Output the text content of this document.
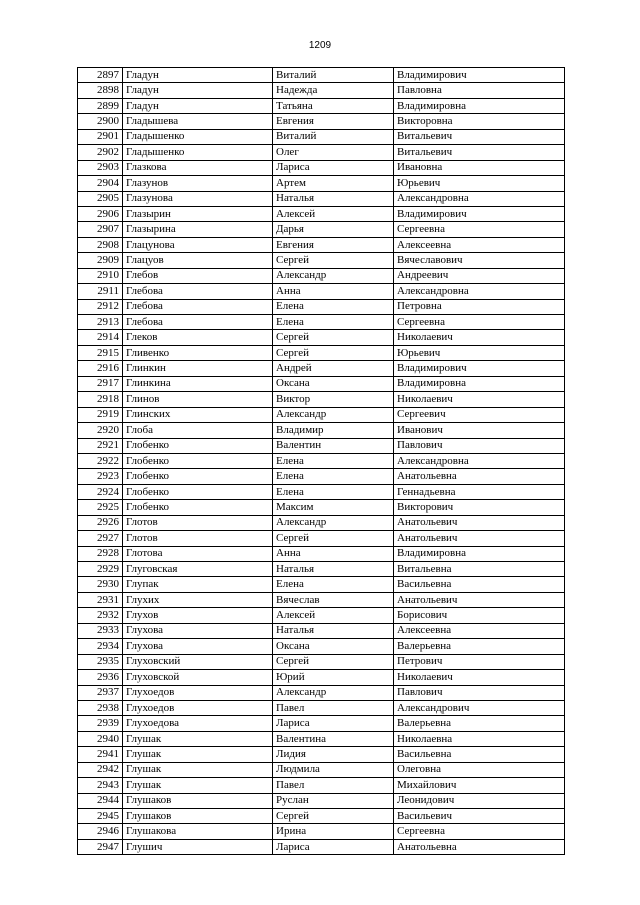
1209
2897	Гладун	Виталий	Владимирович
2898	Гладун	Надежда	Павловна
2899	Гладун	Татьяна	Владимировна
2900	Гладышева	Евгения	Викторовна
2901	Гладышенко	Виталий	Витальевич
2902	Гладышенко	Олег	Витальевич
2903	Глазкова	Лариса	Ивановна
2904	Глазунов	Артем	Юрьевич
2905	Глазунова	Наталья	Александровна
2906	Глазырин	Алексей	Владимирович
2907	Глазырина	Дарья	Сергеевна
2908	Глацунова	Евгения	Алексеевна
2909	Глацуов	Сергей	Вячеславович
2910	Глебов	Александр	Андреевич
2911	Глебова	Анна	Александровна
2912	Глебова	Елена	Петровна
2913	Глебова	Елена	Сергеевна
2914	Глеков	Сергей	Николаевич
2915	Гливенко	Сергей	Юрьевич
2916	Глинкин	Андрей	Владимирович
2917	Глинкина	Оксана	Владимировна
2918	Глинов	Виктор	Николаевич
2919	Глинских	Александр	Сергеевич
2920	Глоба	Владимир	Иванович
2921	Глобенко	Валентин	Павлович
2922	Глобенко	Елена	Александровна
2923	Глобенко	Елена	Анатольевна
2924	Глобенко	Елена	Геннадьевна
2925	Глобенко	Максим	Викторович
2926	Глотов	Александр	Анатольевич
2927	Глотов	Сергей	Анатольевич
2928	Глотова	Анна	Владимировна
2929	Глуговская	Наталья	Витальевна
2930	Глупак	Елена	Васильевна
2931	Глухих	Вячеслав	Анатольевич
2932	Глухов	Алексей	Борисович
2933	Глухова	Наталья	Алексеевна
2934	Глухова	Оксана	Валерьевна
2935	Глуховский	Сергей	Петрович
2936	Глуховской	Юрий	Николаевич
2937	Глухоедов	Александр	Павлович
2938	Глухоедов	Павел	Александрович
2939	Глухоедова	Лариса	Валерьевна
2940	Глушак	Валентина	Николаевна
2941	Глушак	Лидия	Васильевна
2942	Глушак	Людмила	Олеговна
2943	Глушак	Павел	Михайлович
2944	Глушаков	Руслан	Леонидович
2945	Глушаков	Сергей	Васильевич
2946	Глушакова	Ирина	Сергеевна
2947	Глушич	Лариса	Анатольевна
